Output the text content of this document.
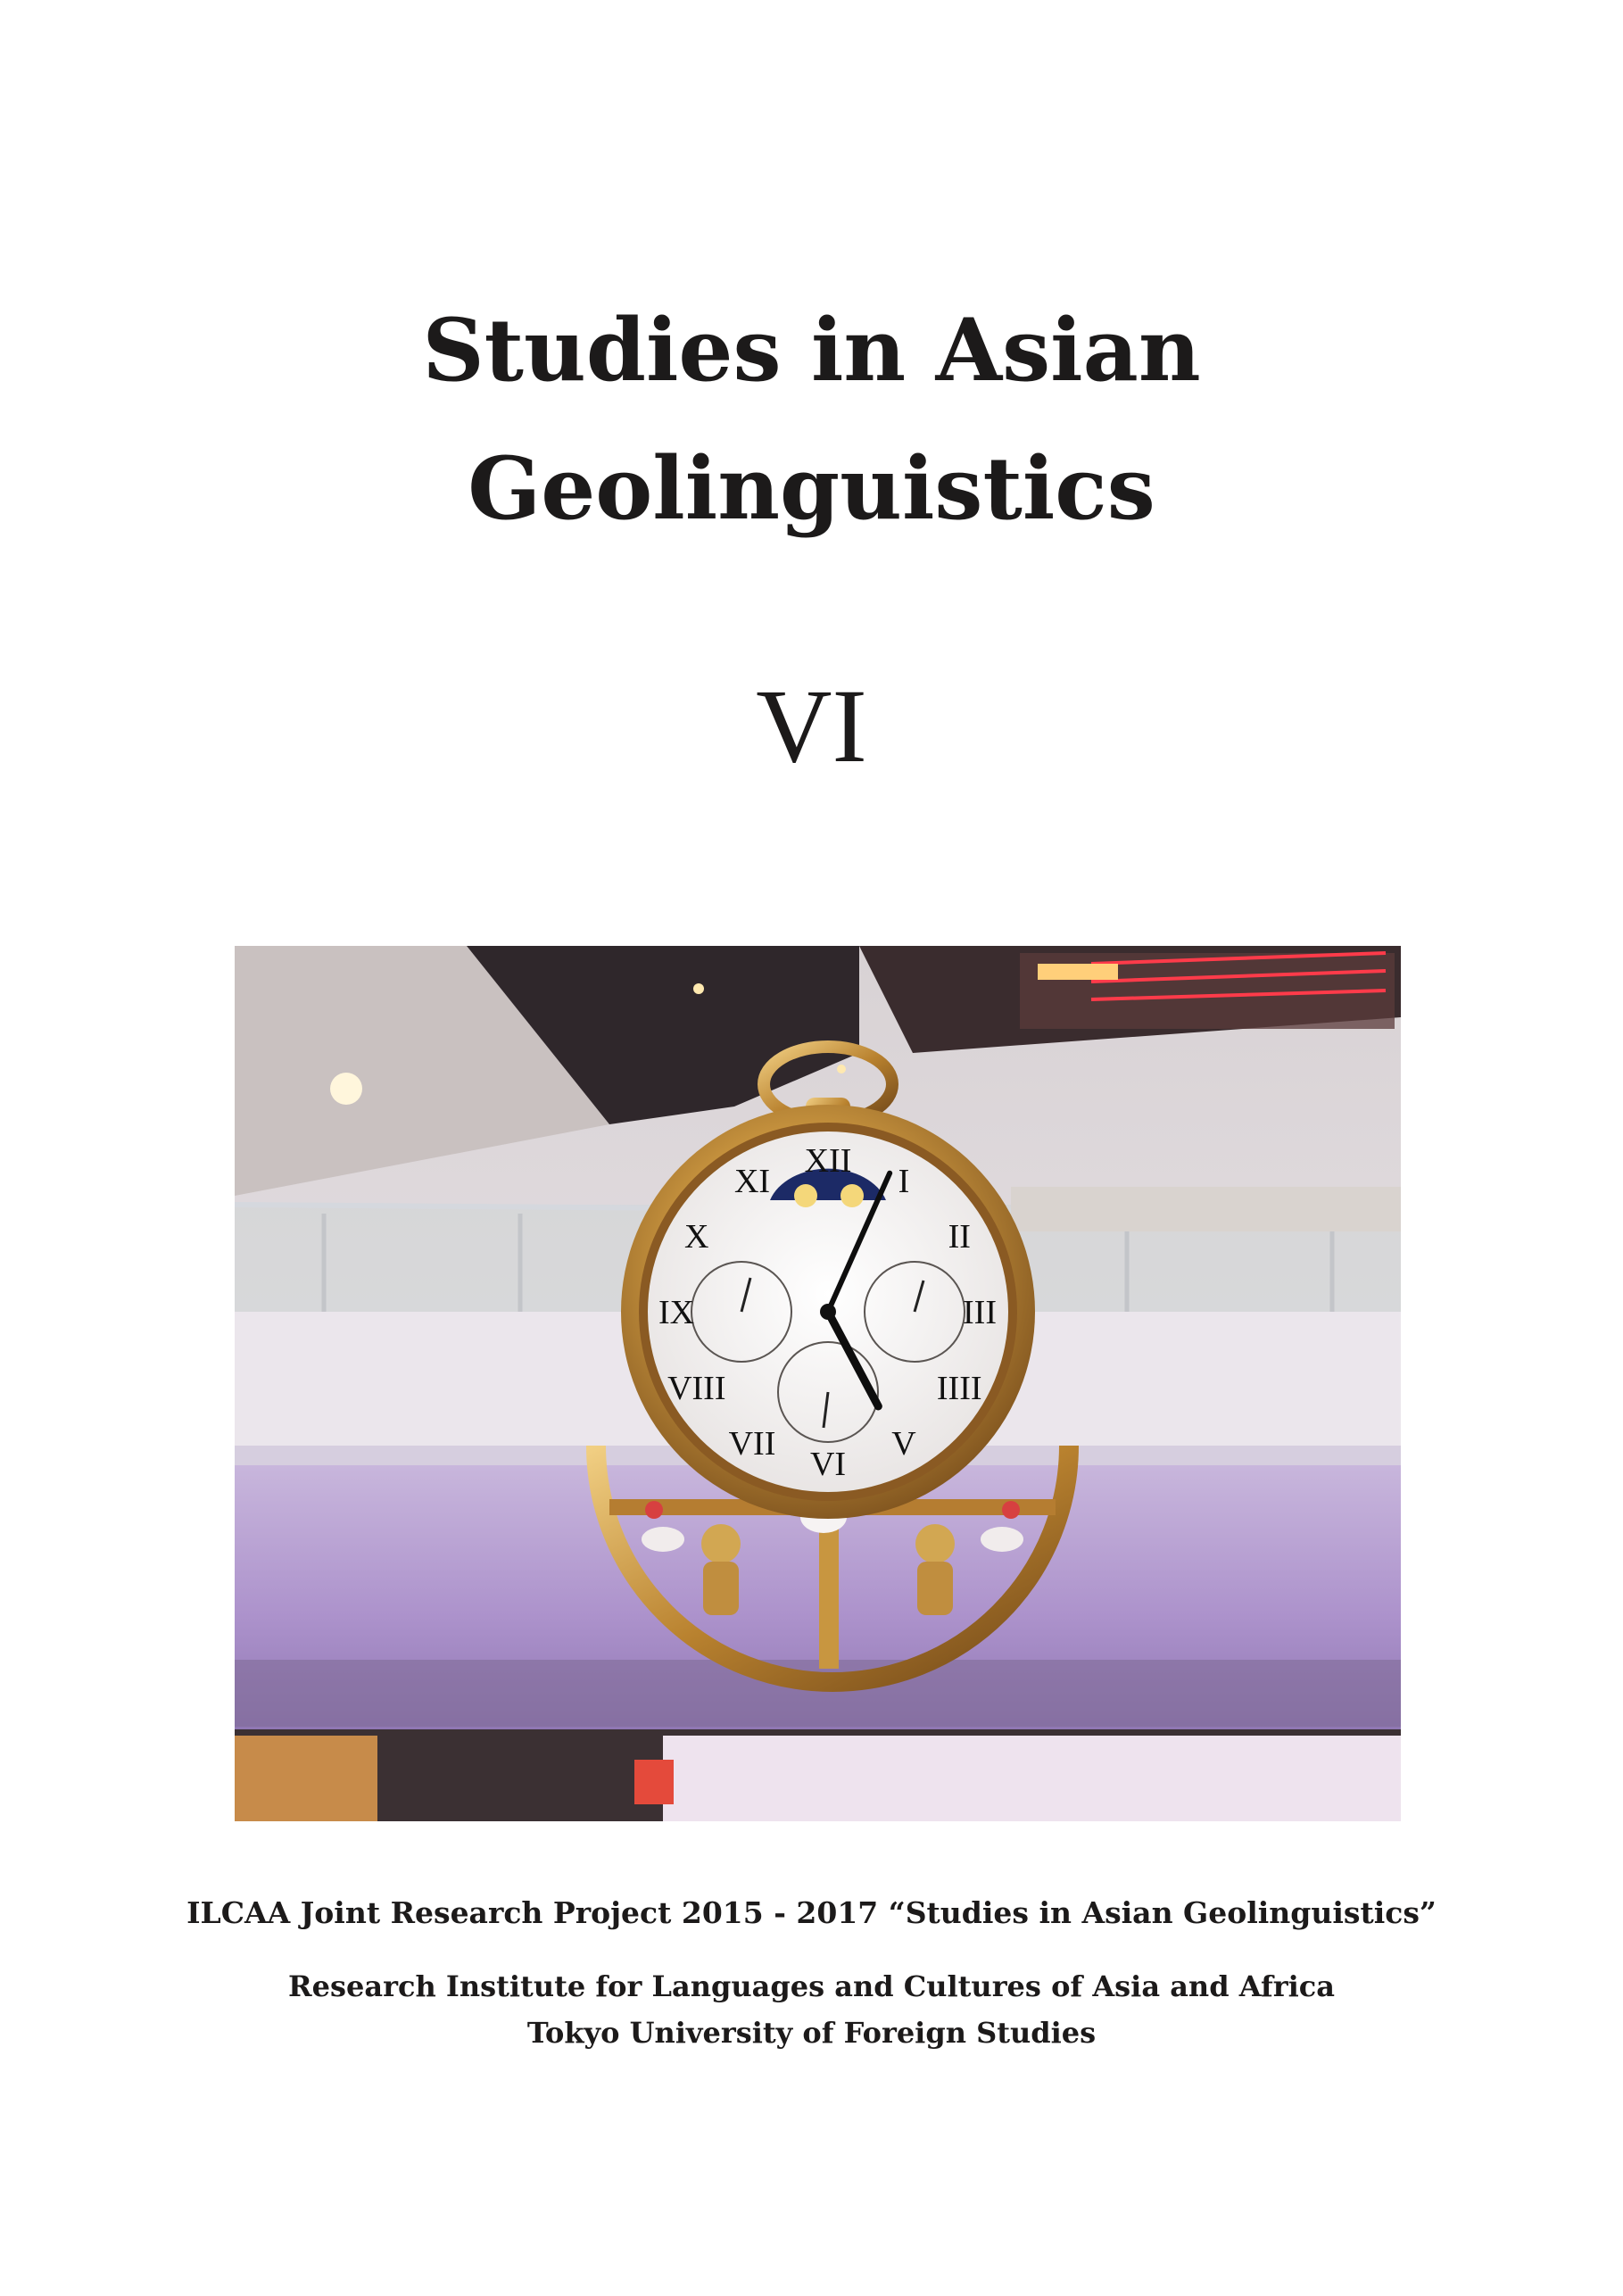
Studies in Asian
Geolinguistics
VI
XII
I
II
III
IIII
V
VI
VII
VIII
IX
X
XI
ILCAA Joint Research Project 2015 - 2017 “Studies in Asian Geolinguistics”
Research Institute for Languages and Cultures of Asia and Africa
Tokyo University of Foreign Studies
